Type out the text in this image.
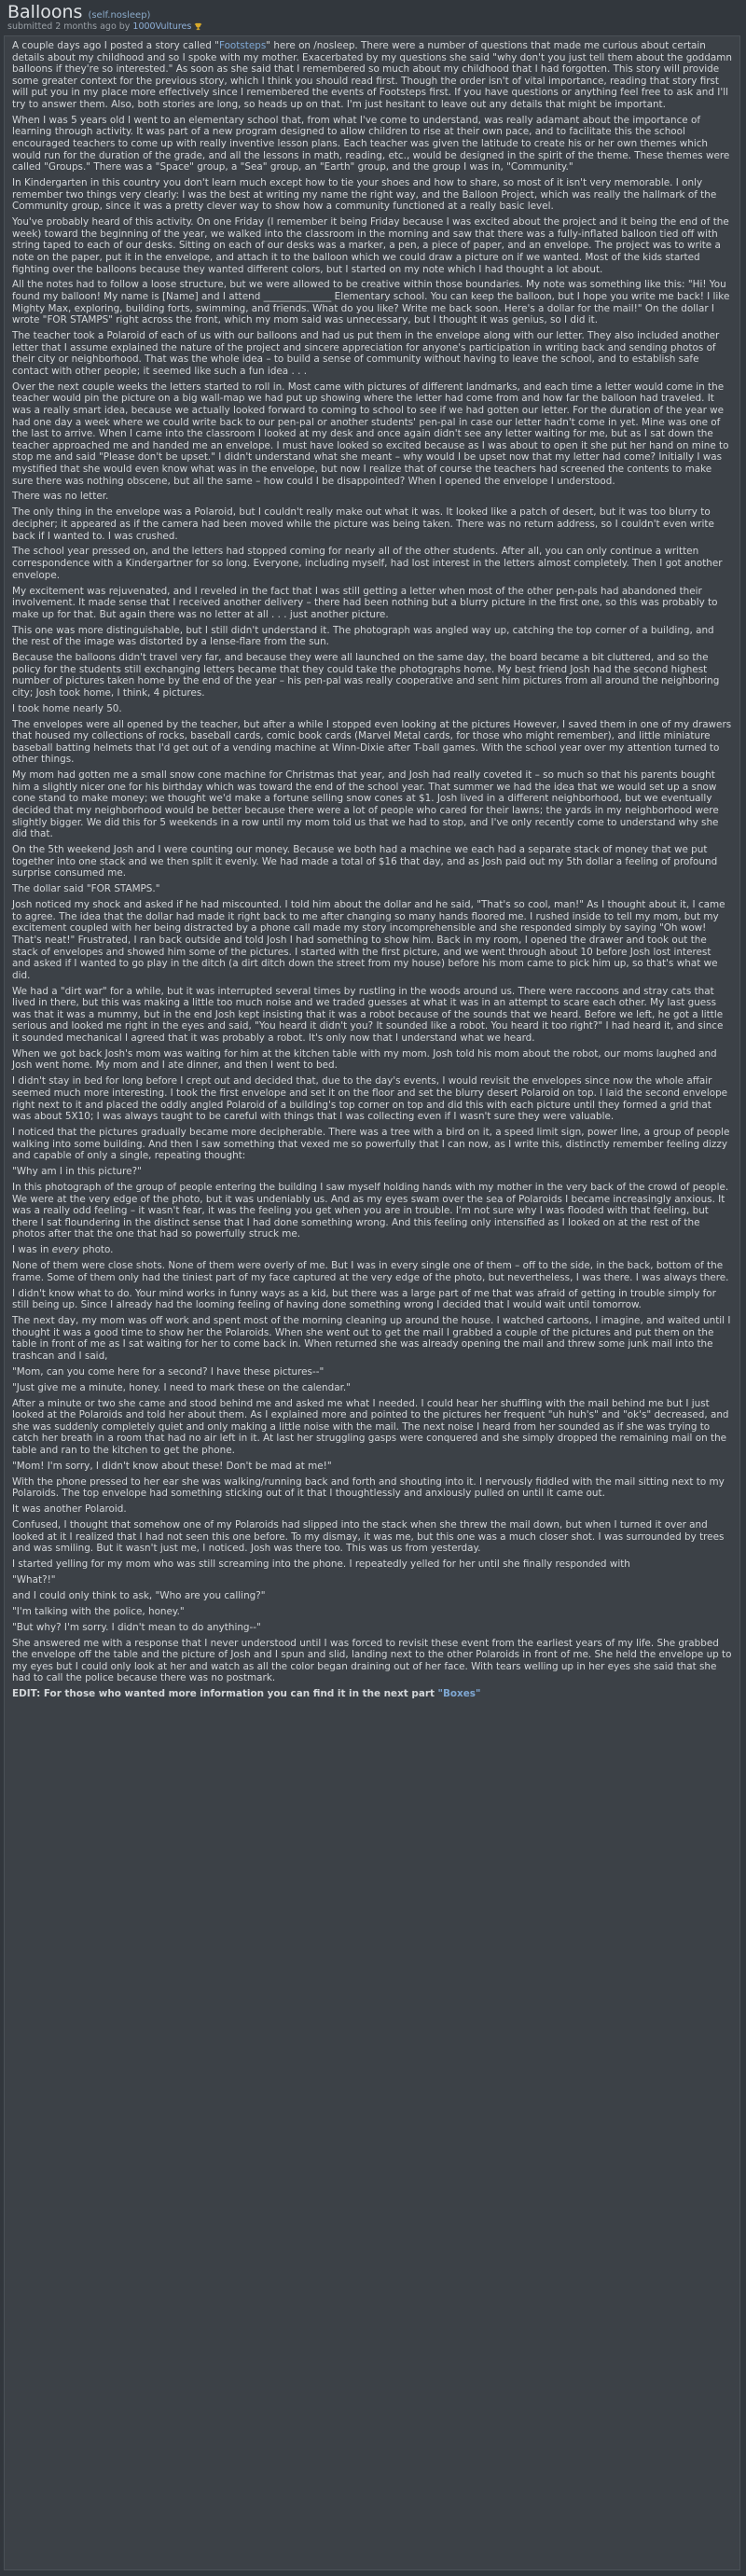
Balloons (self.nosleep)
submitted 2 months ago by 1000Vultures

A couple days ago I posted a story called "Footsteps" here on /nosleep. There were a number of questions that made me curious about certain details about my childhood and so I spoke with my mother. Exacerbated by my questions she said "why don't you just tell them about the goddamn balloons if they're so interested." As soon as she said that I remembered so much about my childhood that I had forgotten. This story will provide some greater context for the previous story, which I think you should read first. Though the order isn't of vital importance, reading that story first will put you in my place more effectively since I remembered the events of Footsteps first. If you have questions or anything feel free to ask and I'll try to answer them. Also, both stories are long, so heads up on that. I'm just hesitant to leave out any details that might be important.

When I was 5 years old I went to an elementary school that, from what I've come to understand, was really adamant about the importance of learning through activity. It was part of a new program designed to allow children to rise at their own pace, and to facilitate this the school encouraged teachers to come up with really inventive lesson plans. Each teacher was given the latitude to create his or her own themes which would run for the duration of the grade, and all the lessons in math, reading, etc., would be designed in the spirit of the theme. These themes were called "Groups." There was a "Space" group, a "Sea" group, an "Earth" group, and the group I was in, "Community."

In Kindergarten in this country you don't learn much except how to tie your shoes and how to share, so most of it isn't very memorable. I only remember two things very clearly: I was the best at writing my name the right way, and the Balloon Project, which was really the hallmark of the Community group, since it was a pretty clever way to show how a community functioned at a really basic level.

You've probably heard of this activity. On one Friday (I remember it being Friday because I was excited about the project and it being the end of the week) toward the beginning of the year, we walked into the classroom in the morning and saw that there was a fully-inflated balloon tied off with string taped to each of our desks. Sitting on each of our desks was a marker, a pen, a piece of paper, and an envelope. The project was to write a note on the paper, put it in the envelope, and attach it to the balloon which we could draw a picture on if we wanted. Most of the kids started fighting over the balloons because they wanted different colors, but I started on my note which I had thought a lot about.

All the notes had to follow a loose structure, but we were allowed to be creative within those boundaries. My note was something like this: "Hi! You found my balloon! My name is [Name] and I attend ______________ Elementary school. You can keep the balloon, but I hope you write me back! I like Mighty Max, exploring, building forts, swimming, and friends. What do you like? Write me back soon. Here's a dollar for the mail!" On the dollar I wrote "FOR STAMPS" right across the front, which my mom said was unnecessary, but I thought it was genius, so I did it.

The teacher took a Polaroid of each of us with our balloons and had us put them in the envelope along with our letter. They also included another letter that I assume explained the nature of the project and sincere appreciation for anyone's participation in writing back and sending photos of their city or neighborhood. That was the whole idea – to build a sense of community without having to leave the school, and to establish safe contact with other people; it seemed like such a fun idea . . .

Over the next couple weeks the letters started to roll in. Most came with pictures of different landmarks, and each time a letter would come in the teacher would pin the picture on a big wall-map we had put up showing where the letter had come from and how far the balloon had traveled. It was a really smart idea, because we actually looked forward to coming to school to see if we had gotten our letter. For the duration of the year we had one day a week where we could write back to our pen-pal or another students' pen-pal in case our letter hadn't come in yet. Mine was one of the last to arrive. When I came into the classroom I looked at my desk and once again didn't see any letter waiting for me, but as I sat down the teacher approached me and handed me an envelope. I must have looked so excited because as I was about to open it she put her hand on mine to stop me and said "Please don't be upset." I didn't understand what she meant – why would I be upset now that my letter had come? Initially I was mystified that she would even know what was in the envelope, but now I realize that of course the teachers had screened the contents to make sure there was nothing obscene, but all the same – how could I be disappointed? When I opened the envelope I understood.

There was no letter.

The only thing in the envelope was a Polaroid, but I couldn't really make out what it was. It looked like a patch of desert, but it was too blurry to decipher; it appeared as if the camera had been moved while the picture was being taken. There was no return address, so I couldn't even write back if I wanted to. I was crushed.

The school year pressed on, and the letters had stopped coming for nearly all of the other students. After all, you can only continue a written correspondence with a Kindergartner for so long. Everyone, including myself, had lost interest in the letters almost completely. Then I got another envelope.

My excitement was rejuvenated, and I reveled in the fact that I was still getting a letter when most of the other pen-pals had abandoned their involvement. It made sense that I received another delivery – there had been nothing but a blurry picture in the first one, so this was probably to make up for that. But again there was no letter at all . . . just another picture.

This one was more distinguishable, but I still didn't understand it. The photograph was angled way up, catching the top corner of a building, and the rest of the image was distorted by a lense-flare from the sun.

Because the balloons didn't travel very far, and because they were all launched on the same day, the board became a bit cluttered, and so the policy for the students still exchanging letters became that they could take the photographs home. My best friend Josh had the second highest number of pictures taken home by the end of the year – his pen-pal was really cooperative and sent him pictures from all around the neighboring city; Josh took home, I think, 4 pictures.

I took home nearly 50.

The envelopes were all opened by the teacher, but after a while I stopped even looking at the pictures However, I saved them in one of my drawers that housed my collections of rocks, baseball cards, comic book cards (Marvel Metal cards, for those who might remember), and little miniature baseball batting helmets that I'd get out of a vending machine at Winn-Dixie after T-ball games. With the school year over my attention turned to other things.

My mom had gotten me a small snow cone machine for Christmas that year, and Josh had really coveted it – so much so that his parents bought him a slightly nicer one for his birthday which was toward the end of the school year. That summer we had the idea that we would set up a snow cone stand to make money; we thought we'd make a fortune selling snow cones at $1. Josh lived in a different neighborhood, but we eventually decided that my neighborhood would be better because there were a lot of people who cared for their lawns; the yards in my neighborhood were slightly bigger. We did this for 5 weekends in a row until my mom told us that we had to stop, and I've only recently come to understand why she did that.

On the 5th weekend Josh and I were counting our money. Because we both had a machine we each had a separate stack of money that we put together into one stack and we then split it evenly. We had made a total of $16 that day, and as Josh paid out my 5th dollar a feeling of profound surprise consumed me.

The dollar said "FOR STAMPS."

Josh noticed my shock and asked if he had miscounted. I told him about the dollar and he said, "That's so cool, man!" As I thought about it, I came to agree. The idea that the dollar had made it right back to me after changing so many hands floored me. I rushed inside to tell my mom, but my excitement coupled with her being distracted by a phone call made my story incomprehensible and she responded simply by saying "Oh wow! That's neat!" Frustrated, I ran back outside and told Josh I had something to show him. Back in my room, I opened the drawer and took out the stack of envelopes and showed him some of the pictures. I started with the first picture, and we went through about 10 before Josh lost interest and asked if I wanted to go play in the ditch (a dirt ditch down the street from my house) before his mom came to pick him up, so that's what we did.

We had a "dirt war" for a while, but it was interrupted several times by rustling in the woods around us. There were raccoons and stray cats that lived in there, but this was making a little too much noise and we traded guesses at what it was in an attempt to scare each other. My last guess was that it was a mummy, but in the end Josh kept insisting that it was a robot because of the sounds that we heard. Before we left, he got a little serious and looked me right in the eyes and said, "You heard it didn't you? It sounded like a robot. You heard it too right?" I had heard it, and since it sounded mechanical I agreed that it was probably a robot. It's only now that I understand what we heard.

When we got back Josh's mom was waiting for him at the kitchen table with my mom. Josh told his mom about the robot, our moms laughed and Josh went home. My mom and I ate dinner, and then I went to bed.

I didn't stay in bed for long before I crept out and decided that, due to the day's events, I would revisit the envelopes since now the whole affair seemed much more interesting. I took the first envelope and set it on the floor and set the blurry desert Polaroid on top. I laid the second envelope right next to it and placed the oddly angled Polaroid of a building's top corner on top and did this with each picture until they formed a grid that was about 5X10; I was always taught to be careful with things that I was collecting even if I wasn't sure they were valuable.

I noticed that the pictures gradually became more decipherable. There was a tree with a bird on it, a speed limit sign, power line, a group of people walking into some building. And then I saw something that vexed me so powerfully that I can now, as I write this, distinctly remember feeling dizzy and capable of only a single, repeating thought:

"Why am I in this picture?"

In this photograph of the group of people entering the building I saw myself holding hands with my mother in the very back of the crowd of people. We were at the very edge of the photo, but it was undeniably us. And as my eyes swam over the sea of Polaroids I became increasingly anxious. It was a really odd feeling – it wasn't fear, it was the feeling you get when you are in trouble. I'm not sure why I was flooded with that feeling, but there I sat floundering in the distinct sense that I had done something wrong. And this feeling only intensified as I looked on at the rest of the photos after that the one that had so powerfully struck me.

I was in every photo.

None of them were close shots. None of them were overly of me. But I was in every single one of them – off to the side, in the back, bottom of the frame. Some of them only had the tiniest part of my face captured at the very edge of the photo, but nevertheless, I was there. I was always there.

I didn't know what to do. Your mind works in funny ways as a kid, but there was a large part of me that was afraid of getting in trouble simply for still being up. Since I already had the looming feeling of having done something wrong I decided that I would wait until tomorrow.

The next day, my mom was off work and spent most of the morning cleaning up around the house. I watched cartoons, I imagine, and waited until I thought it was a good time to show her the Polaroids. When she went out to get the mail I grabbed a couple of the pictures and put them on the table in front of me as I sat waiting for her to come back in. When returned she was already opening the mail and threw some junk mail into the trashcan and I said,

"Mom, can you come here for a second? I have these pictures--"

"Just give me a minute, honey. I need to mark these on the calendar."

After a minute or two she came and stood behind me and asked me what I needed. I could hear her shuffling with the mail behind me but I just looked at the Polaroids and told her about them. As I explained more and pointed to the pictures her frequent "uh huh's" and "ok's" decreased, and she was suddenly completely quiet and only making a little noise with the mail. The next noise I heard from her sounded as if she was trying to catch her breath in a room that had no air left in it. At last her struggling gasps were conquered and she simply dropped the remaining mail on the table and ran to the kitchen to get the phone.

"Mom! I'm sorry, I didn't know about these! Don't be mad at me!"

With the phone pressed to her ear she was walking/running back and forth and shouting into it. I nervously fiddled with the mail sitting next to my Polaroids. The top envelope had something sticking out of it that I thoughtlessly and anxiously pulled on until it came out.

It was another Polaroid.

Confused, I thought that somehow one of my Polaroids had slipped into the stack when she threw the mail down, but when I turned it over and looked at it I realized that I had not seen this one before. To my dismay, it was me, but this one was a much closer shot. I was surrounded by trees and was smiling. But it wasn't just me, I noticed. Josh was there too. This was us from yesterday.

I started yelling for my mom who was still screaming into the phone. I repeatedly yelled for her until she finally responded with

"What?!"

and I could only think to ask, "Who are you calling?"

"I'm talking with the police, honey."

"But why? I'm sorry. I didn't mean to do anything--"

She answered me with a response that I never understood until I was forced to revisit these event from the earliest years of my life. She grabbed the envelope off the table and the picture of Josh and I spun and slid, landing next to the other Polaroids in front of me. She held the envelope up to my eyes but I could only look at her and watch as all the color began draining out of her face. With tears welling up in her eyes she said that she had to call the police because there was no postmark.

EDIT: For those who wanted more information you can find it in the next part "Boxes"
